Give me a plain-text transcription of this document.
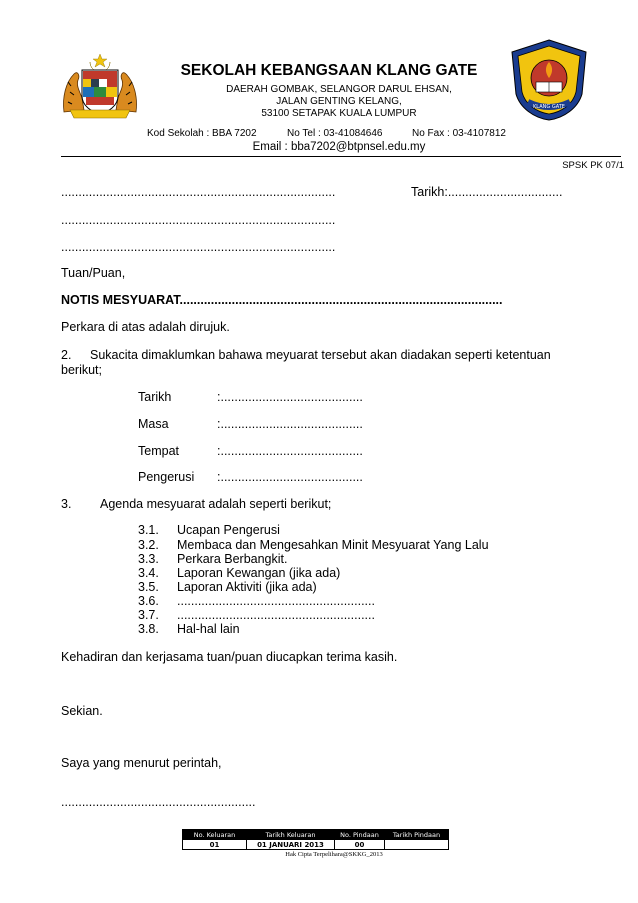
KLANG GATE
SEKOLAH KEBANGSAAN KLANG GATE
DAERAH GOMBAK, SELANGOR DARUL EHSAN,
JALAN GENTING KELANG,
53100 SETAPAK KUALA LUMPUR
Kod Sekolah : BBA 7202	No Tel : 03-41084646	No Fax : 03-4107812
Email : bba7202@btpnsel.edu.my
SPSK PK 07/1
...............................................................................	Tarikh:.................................
...............................................................................
...............................................................................
Tuan/Puan,
NOTIS MESYUARAT.............................................................................................
Perkara di atas adalah dirujuk.
2. Sukacita dimaklumkan bahawa meyuarat tersebut akan diadakan seperti ketentuan
berikut;
Tarikh	:.........................................
Masa	:.........................................
Tempat	:.........................................
Pengerusi :.........................................
3. Agenda mesyuarat adalah seperti berikut;
3.1. Ucapan Pengerusi
3.2. Membaca dan Mengesahkan Minit Mesyuarat Yang Lalu
3.3. Perkara Berbangkit.
3.4. Laporan Kewangan (jika ada)
3.5. Laporan Aktiviti (jika ada)
3.6. .........................................................
3.7. .........................................................
3.8. Hal-hal lain
Kehadiran dan kerjasama tuan/puan diucapkan terima kasih.
Sekian.
Saya yang menurut perintah,
........................................................
No. Keluaran	Tarikh Keluaran	No. Pindaan	Tarikh Pindaan
01	01 JANUARI 2013	00	
Hak Cipta Terpelihara@SKKG_2013
